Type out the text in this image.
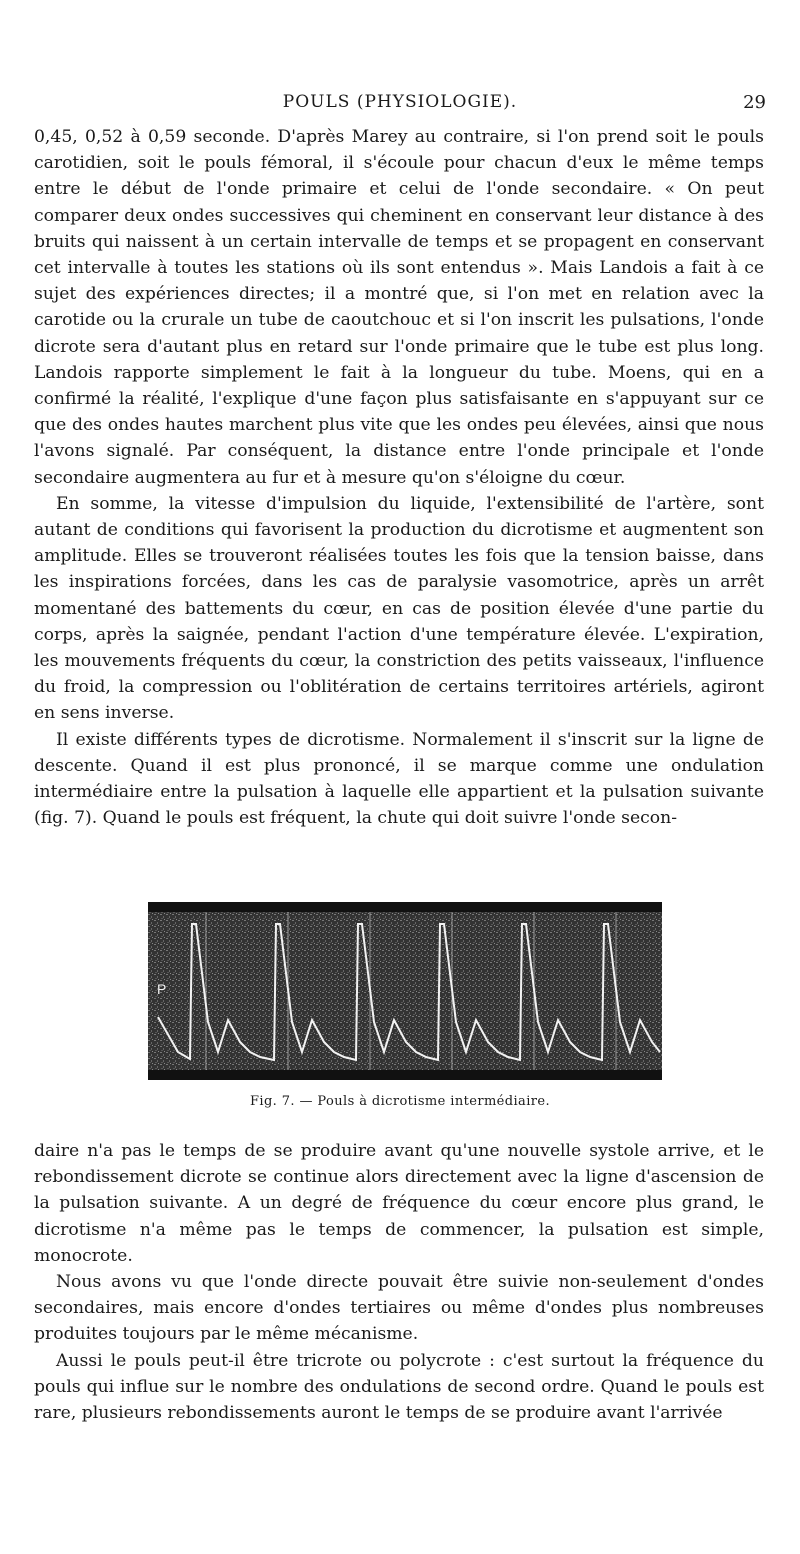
POULS (PHYSIOLOGIE).	29

0,45, 0,52 à 0,59 seconde. D'après Marey au contraire, si l'on prend soit le pouls carotidien, soit le pouls fémoral, il s'écoule pour chacun d'eux le même temps entre le début de l'onde primaire et celui de l'onde secondaire. « On peut comparer deux ondes successives qui cheminent en conservant leur distance à des bruits qui naissent à un certain intervalle de temps et se propagent en conservant cet intervalle à toutes les stations où ils sont entendus ». Mais Landois a fait à ce sujet des expériences directes; il a montré que, si l'on met en relation avec la carotide ou la crurale un tube de caoutchouc et si l'on inscrit les pulsations, l'onde dicrote sera d'autant plus en retard sur l'onde primaire que le tube est plus long. Landois rapporte simplement le fait à la longueur du tube. Moens, qui en a confirmé la réalité, l'explique d'une façon plus satisfaisante en s'appuyant sur ce que des ondes hautes marchent plus vite que les ondes peu élevées, ainsi que nous l'avons signalé. Par conséquent, la distance entre l'onde principale et l'onde secondaire augmentera au fur et à mesure qu'on s'éloigne du cœur.

En somme, la vitesse d'impulsion du liquide, l'extensibilité de l'artère, sont autant de conditions qui favorisent la production du dicrotisme et augmentent son amplitude. Elles se trouveront réalisées toutes les fois que la tension baisse, dans les inspirations forcées, dans les cas de paralysie vasomotrice, après un arrêt momentané des battements du cœur, en cas de position élevée d'une partie du corps, après la saignée, pendant l'action d'une température élevée. L'expiration, les mouvements fréquents du cœur, la constriction des petits vaisseaux, l'influence du froid, la compression ou l'oblitération de certains territoires artériels, agiront en sens inverse.

Il existe différents types de dicrotisme. Normalement il s'inscrit sur la ligne de descente. Quand il est plus prononcé, il se marque comme une ondulation intermédiaire entre la pulsation à laquelle elle appartient et la pulsation suivante (fig. 7). Quand le pouls est fréquent, la chute qui doit suivre l'onde secon-

P
Fig. 7. — Pouls à dicrotisme intermédiaire.

daire n'a pas le temps de se produire avant qu'une nouvelle systole arrive, et le rebondissement dicrote se continue alors directement avec la ligne d'ascension de la pulsation suivante. A un degré de fréquence du cœur encore plus grand, le dicrotisme n'a même pas le temps de commencer, la pulsation est simple, monocrote.

Nous avons vu que l'onde directe pouvait être suivie non-seulement d'ondes secondaires, mais encore d'ondes tertiaires ou même d'ondes plus nombreuses produites toujours par le même mécanisme.

Aussi le pouls peut-il être tricrote ou polycrote : c'est surtout la fréquence du pouls qui influe sur le nombre des ondulations de second ordre. Quand le pouls est rare, plusieurs rebondissements auront le temps de se produire avant l'arrivée
